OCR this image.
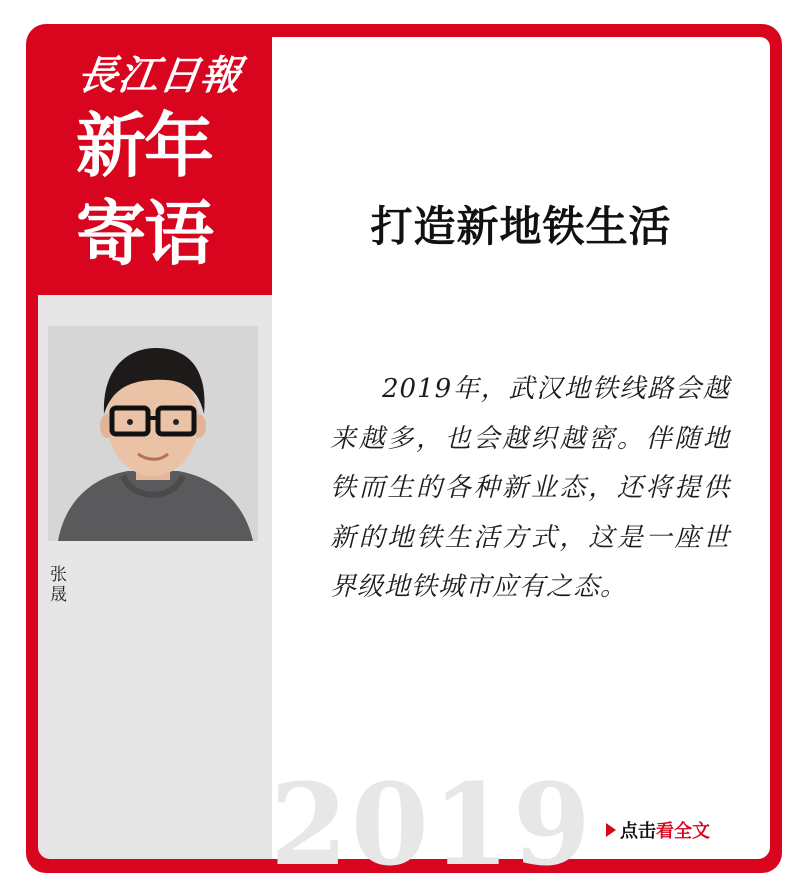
打造新地铁生活
2019年，武汉地铁线路会越来越多，也会越织越密。伴随地铁而生的各种新业态，还将提供新的地铁生活方式，这是一座世界级地铁城市应有之态。
長江日報
新年
寄语
张晟
2019 点击 看全文
